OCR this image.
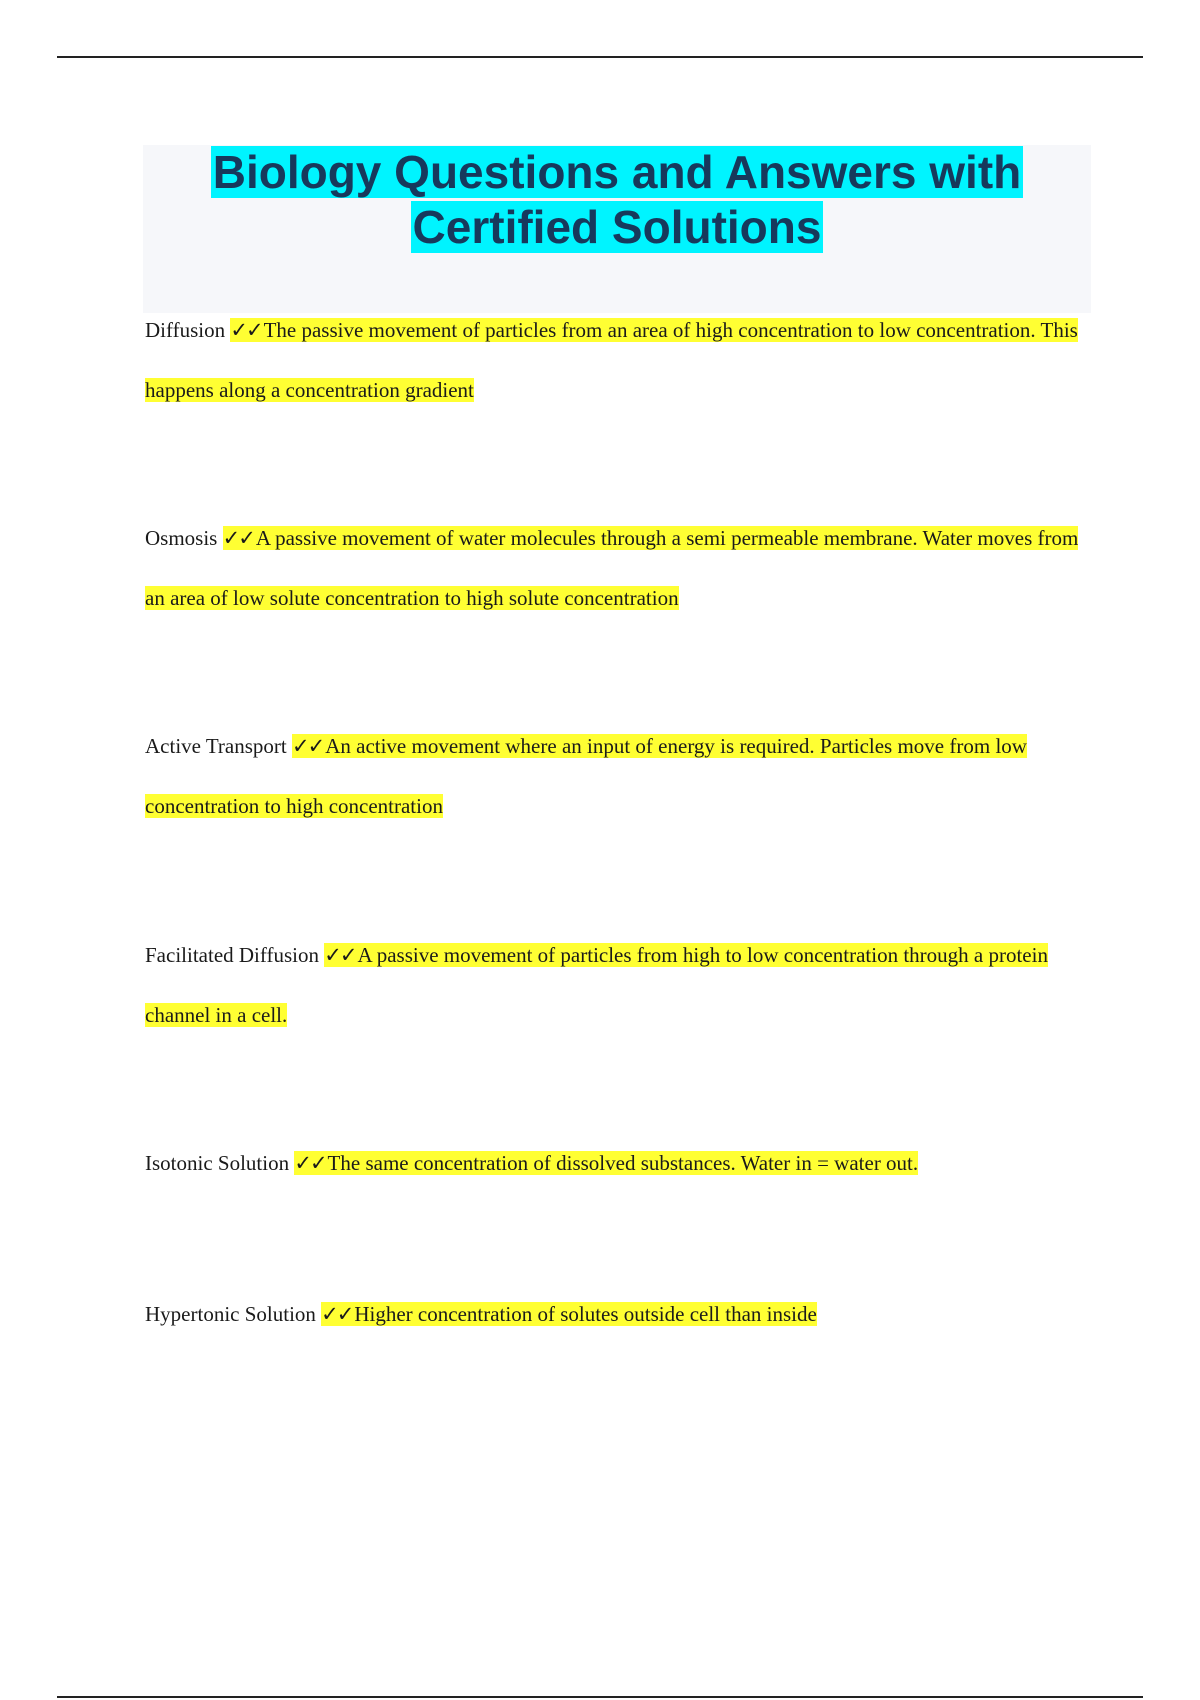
Biology Questions and Answers with Certified Solutions

Diffusion ✓✓The passive movement of particles from an area of high concentration to low concentration. This happens along a concentration gradient

Osmosis ✓✓A passive movement of water molecules through a semi permeable membrane. Water moves from an area of low solute concentration to high solute concentration

Active Transport ✓✓An active movement where an input of energy is required. Particles move from low concentration to high concentration

Facilitated Diffusion ✓✓A passive movement of particles from high to low concentration through a protein channel in a cell.

Isotonic Solution ✓✓The same concentration of dissolved substances. Water in = water out.

Hypertonic Solution ✓✓Higher concentration of solutes outside cell than inside
